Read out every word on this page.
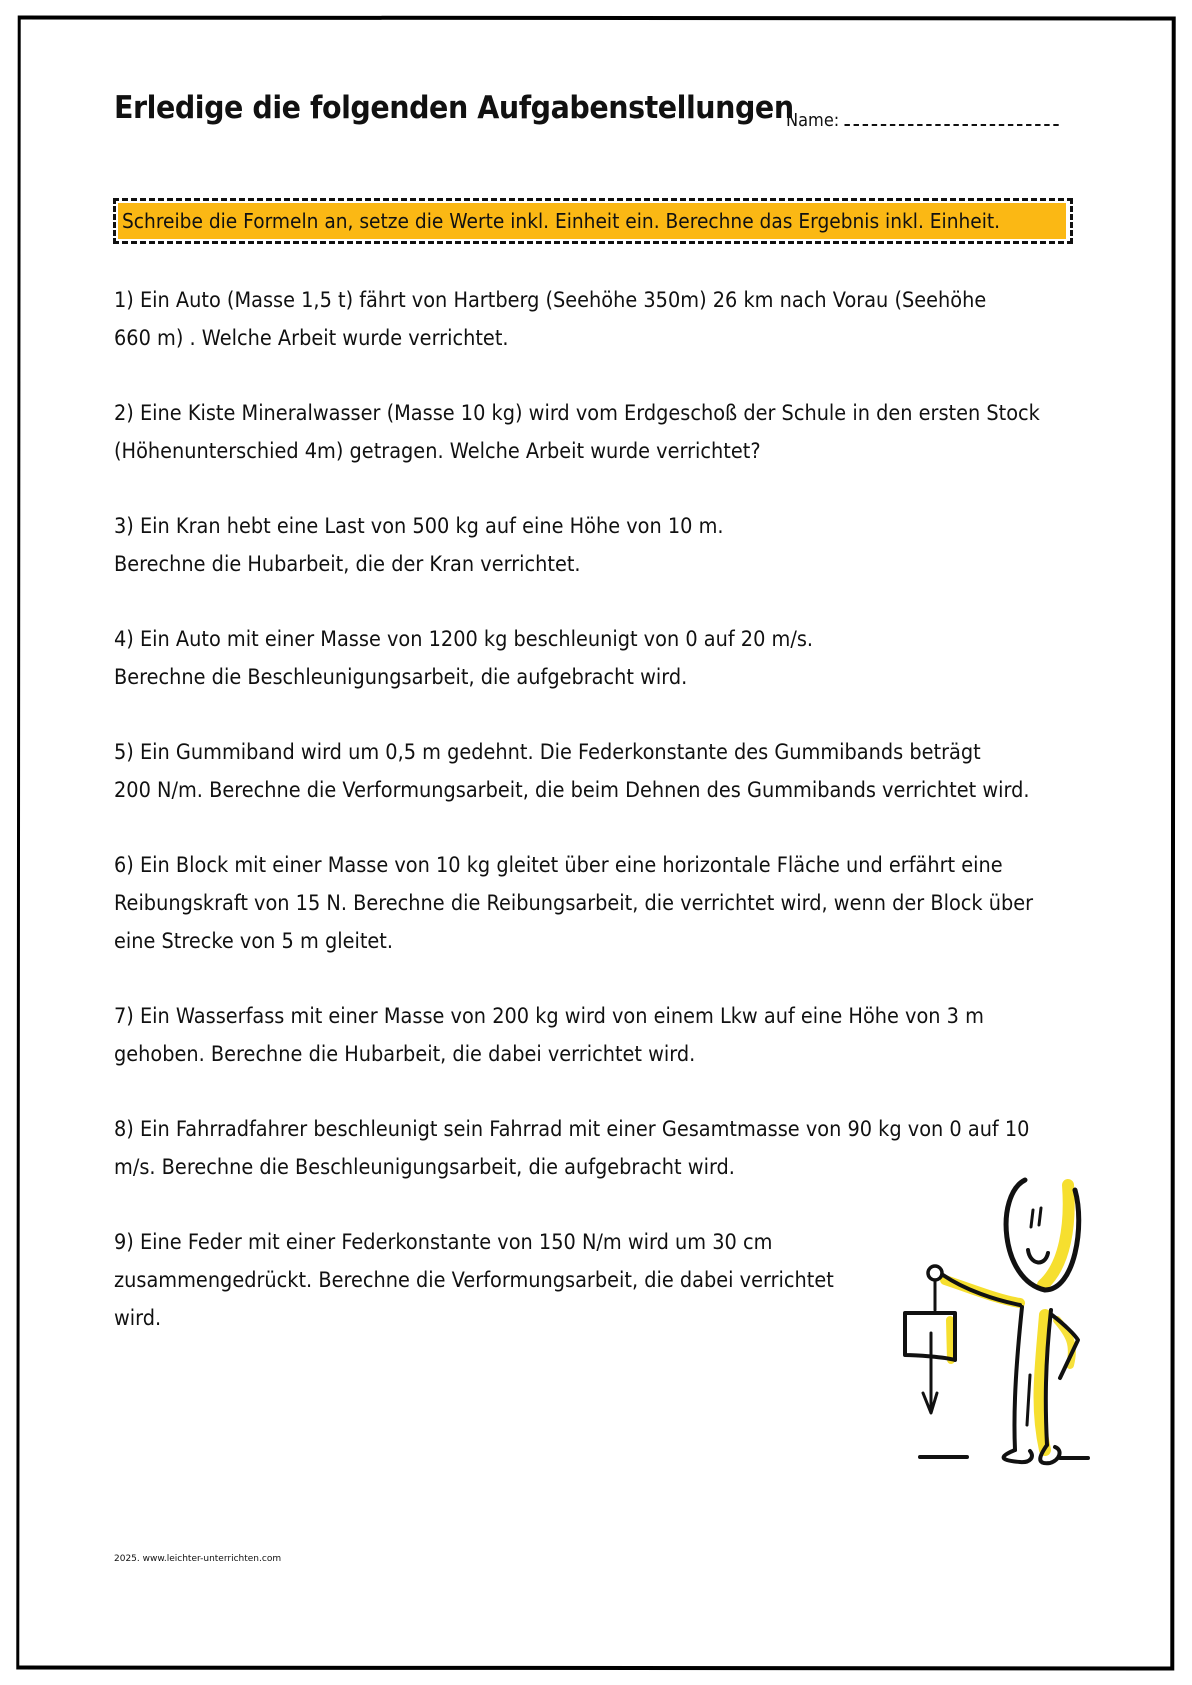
Erledige die folgenden Aufgabenstellungen
Name:
Schreibe die Formeln an, setze die Werte inkl. Einheit ein. Berechne das Ergebnis inkl. Einheit.
1) Ein Auto (Masse 1,5 t) fährt von Hartberg (Seehöhe 350m) 26 km nach Vorau (Seehöhe
660 m) . Welche Arbeit wurde verrichtet.
2) Eine Kiste Mineralwasser (Masse 10 kg) wird vom Erdgeschoß der Schule in den ersten Stock
(Höhenunterschied 4m) getragen. Welche Arbeit wurde verrichtet?
3) Ein Kran hebt eine Last von 500 kg auf eine Höhe von 10 m.
Berechne die Hubarbeit, die der Kran verrichtet.
4) Ein Auto mit einer Masse von 1200 kg beschleunigt von 0 auf 20 m/s.
Berechne die Beschleunigungsarbeit, die aufgebracht wird.
5) Ein Gummiband wird um 0,5 m gedehnt. Die Federkonstante des Gummibands beträgt
200 N/m. Berechne die Verformungsarbeit, die beim Dehnen des Gummibands verrichtet wird.
6) Ein Block mit einer Masse von 10 kg gleitet über eine horizontale Fläche und erfährt eine
Reibungskraft von 15 N. Berechne die Reibungsarbeit, die verrichtet wird, wenn der Block über
eine Strecke von 5 m gleitet.
7) Ein Wasserfass mit einer Masse von 200 kg wird von einem Lkw auf eine Höhe von 3 m
gehoben. Berechne die Hubarbeit, die dabei verrichtet wird.
8) Ein Fahrradfahrer beschleunigt sein Fahrrad mit einer Gesamtmasse von 90 kg von 0 auf 10
m/s. Berechne die Beschleunigungsarbeit, die aufgebracht wird.
9) Eine Feder mit einer Federkonstante von 150 N/m wird um 30 cm
zusammengedrückt. Berechne die Verformungsarbeit, die dabei verrichtet
wird.
2025. www.leichter-unterrichten.com
